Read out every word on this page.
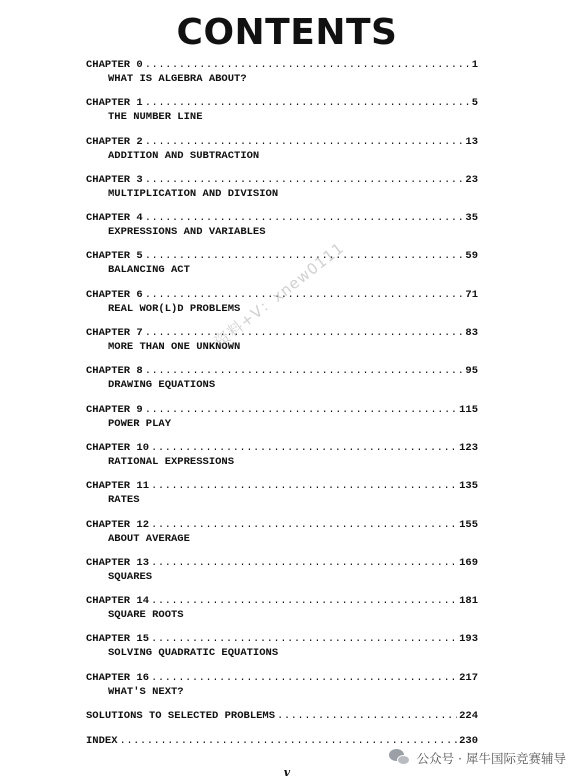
CONTENTS
CHAPTER 0 .....	1
WHAT IS ALGEBRA ABOUT?
CHAPTER 1 .....	5
THE NUMBER LINE
CHAPTER 2 .....	13
ADDITION AND SUBTRACTION
CHAPTER 3 .....	23
MULTIPLICATION AND DIVISION
CHAPTER 4 .....	35
EXPRESSIONS AND VARIABLES
CHAPTER 5 .....	59
BALANCING ACT
CHAPTER 6 .....	71
REAL WOR(L)D PROBLEMS
CHAPTER 7 .....	83
MORE THAN ONE UNKNOWN
CHAPTER 8 .....	95
DRAWING EQUATIONS
CHAPTER 9 .....	115
POWER PLAY
CHAPTER 10 .....	123
RATIONAL EXPRESSIONS
CHAPTER 11 .....	135
RATES
CHAPTER 12 .....	155
ABOUT AVERAGE
CHAPTER 13 .....	169
SQUARES
CHAPTER 14 .....	181
SQUARE ROOTS
CHAPTER 15 .....	193
SOLVING QUADRATIC EQUATIONS
CHAPTER 16 .....	217
WHAT'S NEXT?
SOLUTIONS TO SELECTED PROBLEMS .....	224
INDEX .....	230
资料+V：xnew0111
公众号 · 犀牛国际竞赛辅导
v
